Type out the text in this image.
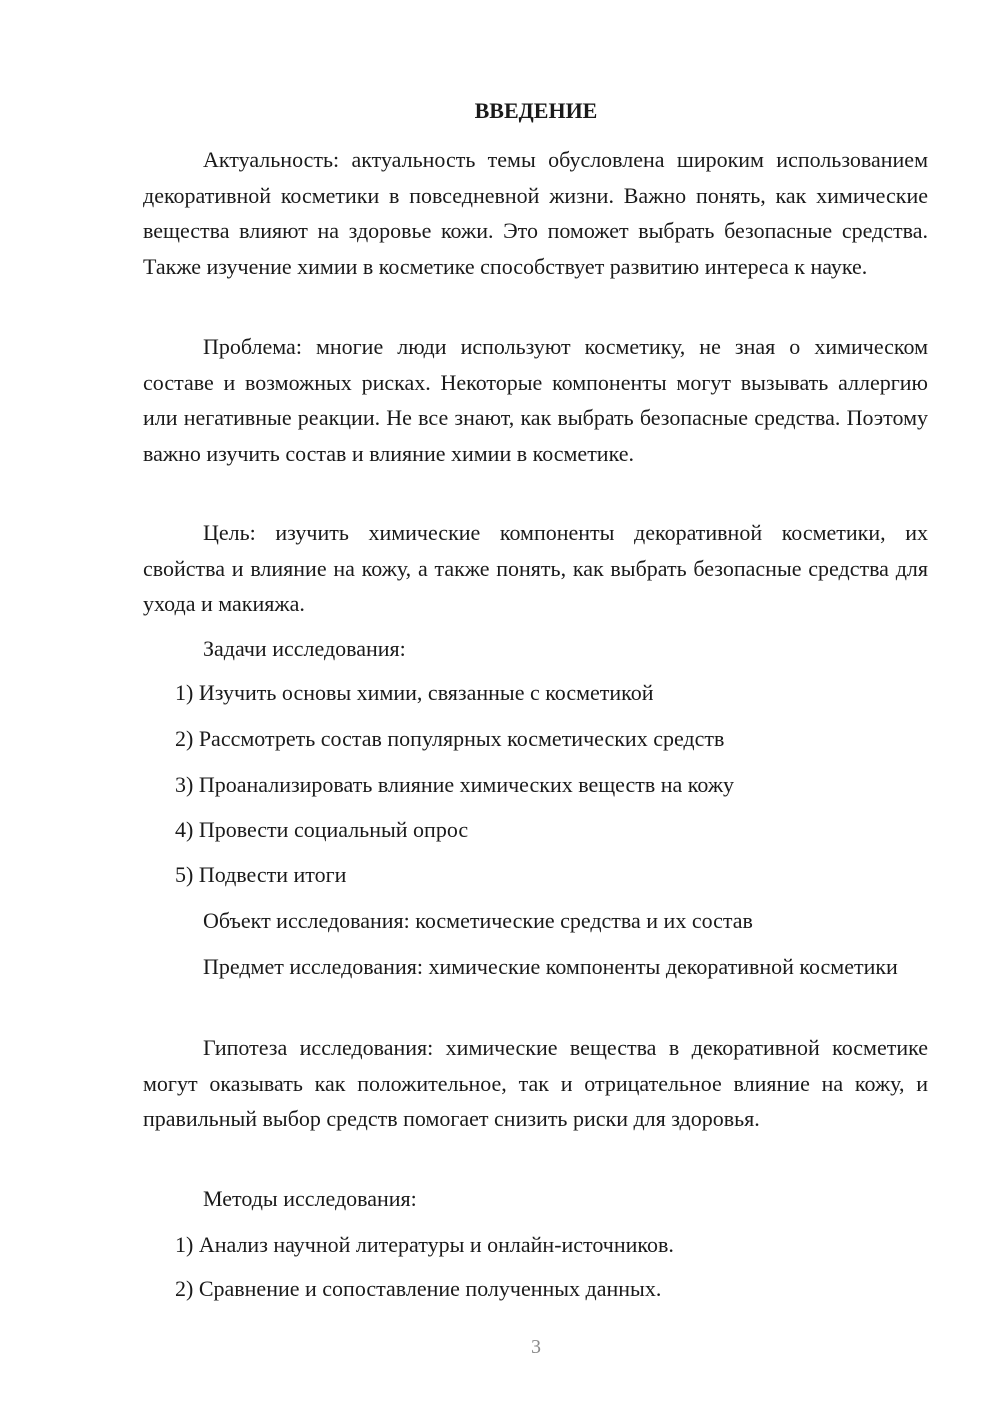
ВВЕДЕНИЕ

Актуальность: актуальность темы обусловлена широким использованием декоративной косметики в повседневной жизни. Важно понять, как химические вещества влияют на здоровье кожи. Это поможет выбрать безопасные средства. Также изучение химии в косметике способствует развитию интереса к науке.

Проблема: многие люди используют косметику, не зная о химическом составе и возможных рисках. Некоторые компоненты могут вызывать аллергию или негативные реакции. Не все знают, как выбрать безопасные средства. Поэтому важно изучить состав и влияние химии в косметике.

Цель: изучить химические компоненты декоративной косметики, их свойства и влияние на кожу, а также понять, как выбрать безопасные средства для ухода и макияжа.

Задачи исследования:

1) Изучить основы химии, связанные с косметикой

2) Рассмотреть состав популярных косметических средств

3) Проанализировать влияние химических веществ на кожу

4) Провести социальный опрос

5) Подвести итоги

Объект исследования: косметические средства и их состав

Предмет исследования: химические компоненты декоративной косметики

Гипотеза исследования: химические вещества в декоративной косметике могут оказывать как положительное, так и отрицательное влияние на кожу, и правильный выбор средств помогает снизить риски для здоровья.

Методы исследования:

1) Анализ научной литературы и онлайн-источников.

2) Сравнение и сопоставление полученных данных.

3
